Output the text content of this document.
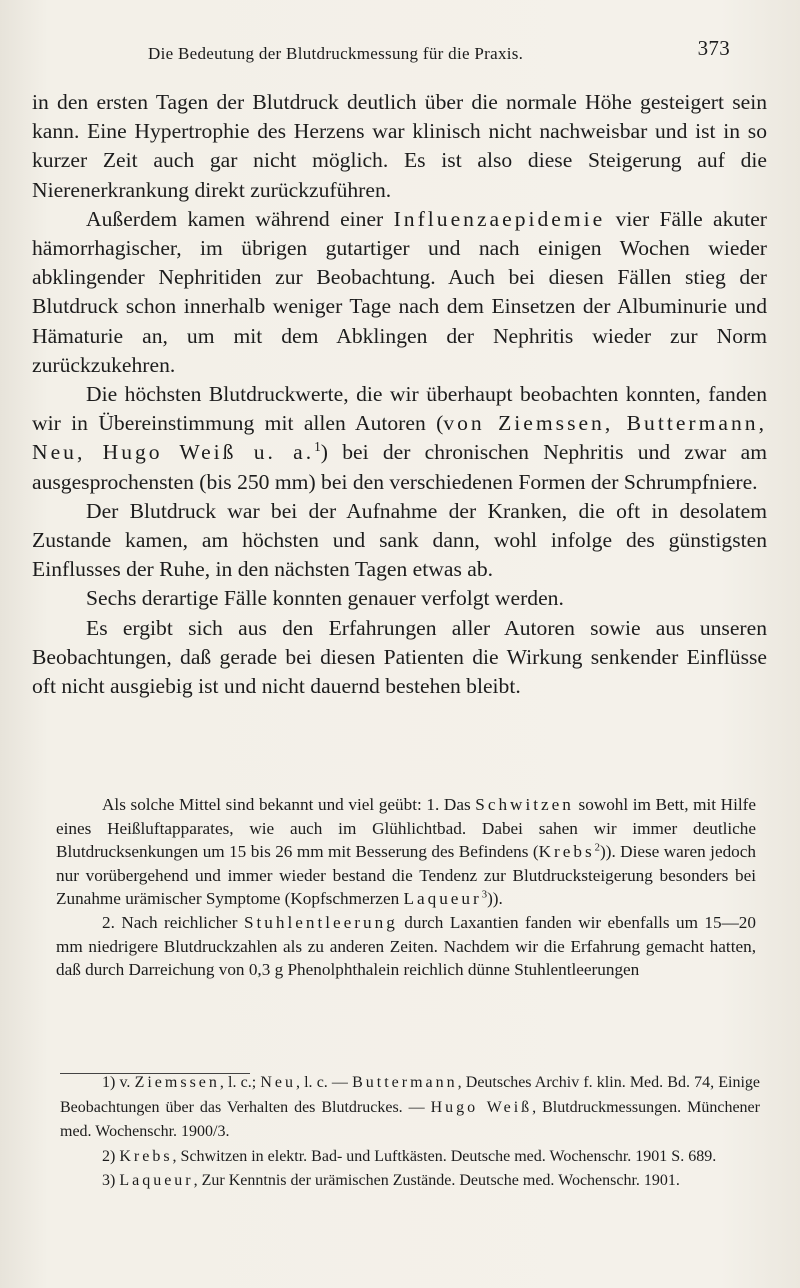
Die Bedeutung der Blutdruckmessung für die Praxis.	373

in den ersten Tagen der Blutdruck deutlich über die normale Höhe gesteigert sein kann. Eine Hypertrophie des Herzens war klinisch nicht nachweisbar und ist in so kurzer Zeit auch gar nicht möglich. Es ist also diese Steigerung auf die Nierenerkrankung direkt zurückzuführen.

Außerdem kamen während einer Influenzaepidemie vier Fälle akuter hämorrhagischer, im übrigen gutartiger und nach einigen Wochen wieder abklingender Nephritiden zur Beobachtung. Auch bei diesen Fällen stieg der Blutdruck schon innerhalb weniger Tage nach dem Einsetzen der Albuminurie und Hämaturie an, um mit dem Abklingen der Nephritis wieder zur Norm zurückzukehren.

Die höchsten Blutdruckwerte, die wir überhaupt beobachten konnten, fanden wir in Übereinstimmung mit allen Autoren (von Ziemssen, Buttermann, Neu, Hugo Weiß u. a.$^1$) bei der chronischen Nephritis und zwar am ausgesprochensten (bis 250 mm) bei den verschiedenen Formen der Schrumpfniere.

Der Blutdruck war bei der Aufnahme der Kranken, die oft in desolatem Zustande kamen, am höchsten und sank dann, wohl infolge des günstigsten Einflusses der Ruhe, in den nächsten Tagen etwas ab.

Sechs derartige Fälle konnten genauer verfolgt werden.

Es ergibt sich aus den Erfahrungen aller Autoren sowie aus unseren Beobachtungen, daß gerade bei diesen Patienten die Wirkung senkender Einflüsse oft nicht ausgiebig ist und nicht dauernd bestehen bleibt.

Als solche Mittel sind bekannt und viel geübt: 1. Das Schwitzen sowohl im Bett, mit Hilfe eines Heißluftapparates, wie auch im Glühlichtbad. Dabei sahen wir immer deutliche Blutdrucksenkungen um 15 bis 26 mm mit Besserung des Befindens (Krebs$^2$)). Diese waren jedoch nur vorübergehend und immer wieder bestand die Tendenz zur Blutdrucksteigerung besonders bei Zunahme urämischer Symptome (Kopfschmerzen Laqueur$^3$)).

2. Nach reichlicher Stuhlentleerung durch Laxantien fanden wir ebenfalls um 15—20 mm niedrigere Blutdruckzahlen als zu anderen Zeiten. Nachdem wir die Erfahrung gemacht hatten, daß durch Darreichung von 0,3 g Phenolphthalein reichlich dünne Stuhlentleerungen

1) v. Ziemssen, l. c.; Neu, l. c. — Buttermann, Deutsches Archiv f. klin. Med. Bd. 74, Einige Beobachtungen über das Verhalten des Blutdruckes. — Hugo Weiß, Blutdruckmessungen. Münchener med. Wochenschr. 1900/3.

2) Krebs, Schwitzen in elektr. Bad- und Luftkästen. Deutsche med. Wochenschr. 1901 S. 689.

3) Laqueur, Zur Kenntnis der urämischen Zustände. Deutsche med. Wochenschr. 1901.
